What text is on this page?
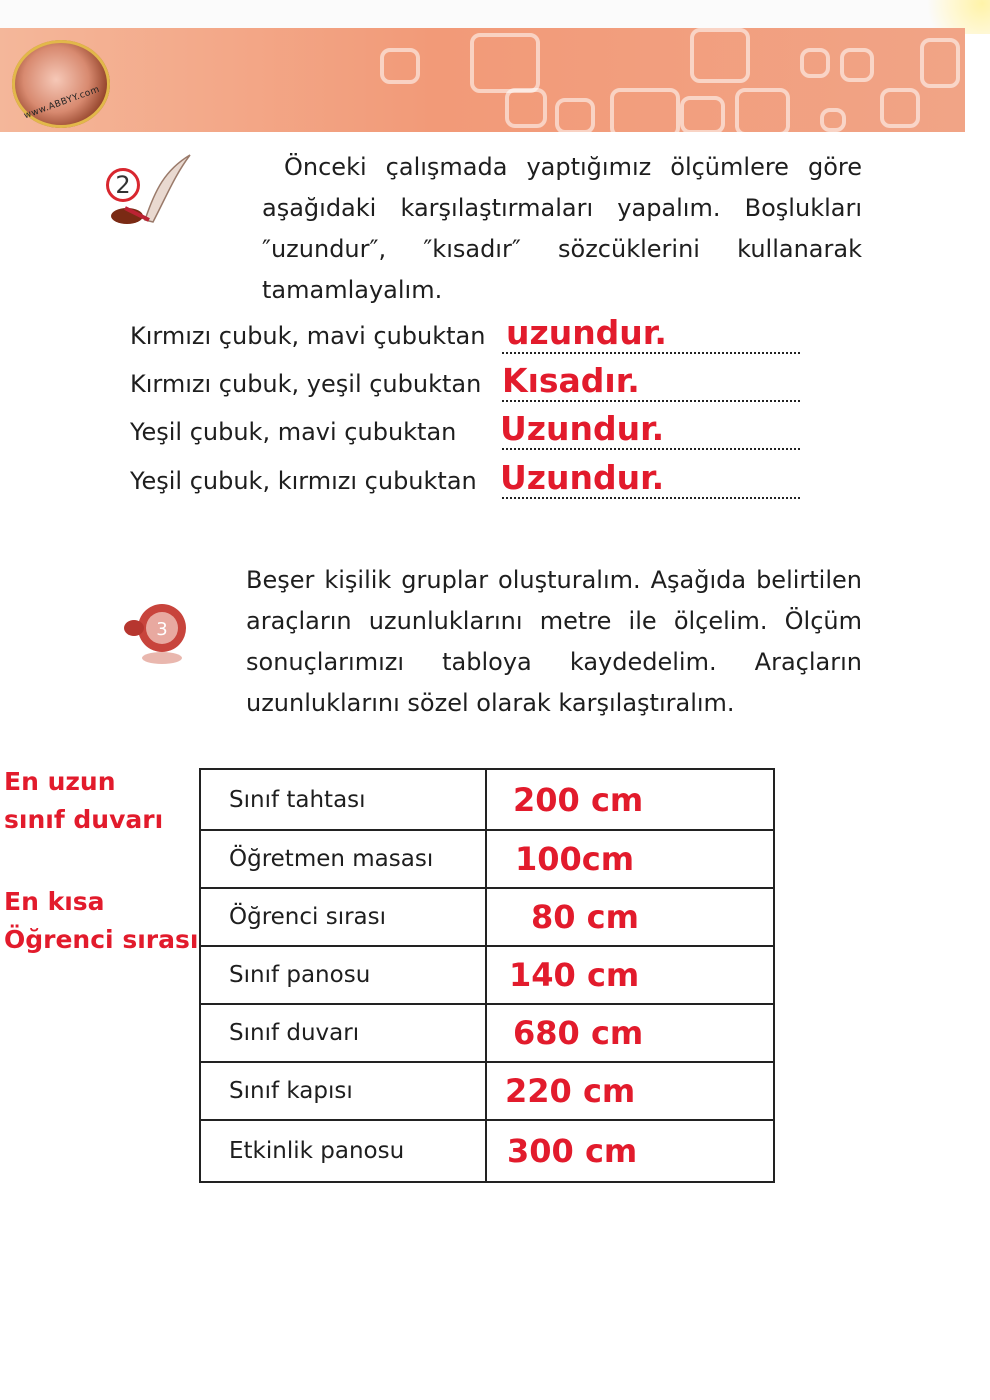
www.ABBYY.com
2
Önceki çalışmada yaptığımız ölçümlere göre aşağıdaki karşılaştırmaları yapalım. Boşlukları ″uzundur″, ″kısadır″ sözcüklerini kullanarak tamamlayalım.
Kırmızı çubuk, mavi çubuktan uzundur.
Kırmızı çubuk, yeşil çubuktan Kısadır.
Yeşil çubuk, mavi çubuktan Uzundur.
Yeşil çubuk, kırmızı çubuktan Uzundur.
3
Beşer kişilik gruplar oluşturalım. Aşağıda belirtilen araçların uzunluklarını metre ile ölçelim. Ölçüm sonuçlarımızı tabloya kaydedelim. Araçların uzunluklarını sözel olarak karşılaştıralım.
En uzun
sınıf duvarı
En kısa
Öğrenci sırası
Sınıf tahtası	200 cm
Öğretmen masası	100cm
Öğrenci sırası	80 cm
Sınıf panosu	140 cm
Sınıf duvarı	680 cm
Sınıf kapısı	220 cm
Etkinlik panosu	300 cm
